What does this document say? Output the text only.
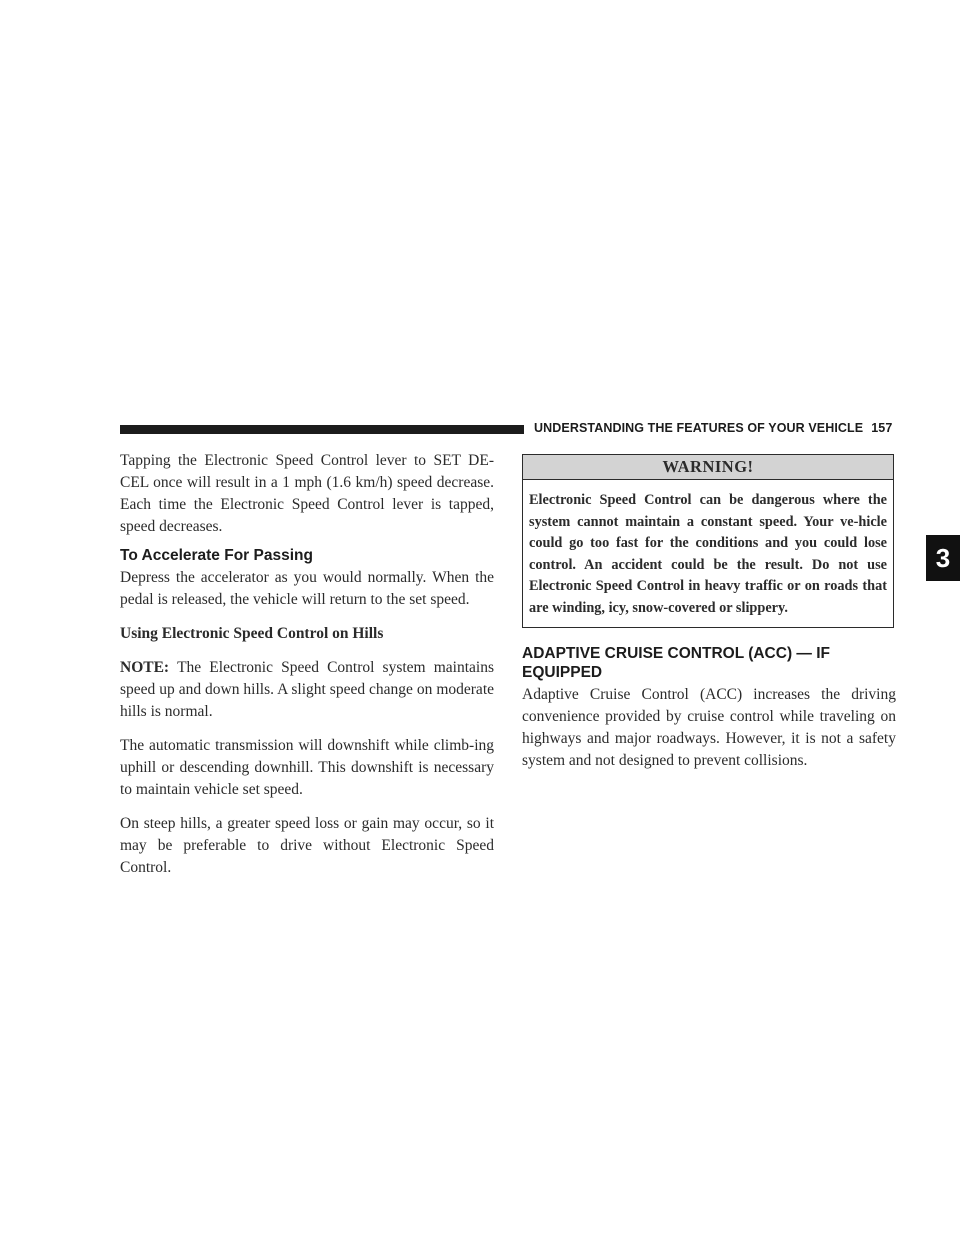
UNDERSTANDING THE FEATURES OF YOUR VEHICLE 157
3

Tapping the Electronic Speed Control lever to SET DE-CEL once will result in a 1 mph (1.6 km/h) speed decrease. Each time the Electronic Speed Control lever is tapped, speed decreases.

To Accelerate For Passing

Depress the accelerator as you would normally. When the pedal is released, the vehicle will return to the set speed.

Using Electronic Speed Control on Hills

NOTE: The Electronic Speed Control system maintains speed up and down hills. A slight speed change on moderate hills is normal.

The automatic transmission will downshift while climb-ing uphill or descending downhill. This downshift is necessary to maintain vehicle set speed.

On steep hills, a greater speed loss or gain may occur, so it may be preferable to drive without Electronic Speed Control.

WARNING!
Electronic Speed Control can be dangerous where the system cannot maintain a constant speed. Your ve-hicle could go too fast for the conditions and you could lose control. An accident could be the result. Do not use Electronic Speed Control in heavy traffic or on roads that are winding, icy, snow-covered or slippery.
ADAPTIVE CRUISE CONTROL (ACC) — IF
EQUIPPED

Adaptive Cruise Control (ACC) increases the driving convenience provided by cruise control while traveling on highways and major roadways. However, it is not a safety system and not designed to prevent collisions.
